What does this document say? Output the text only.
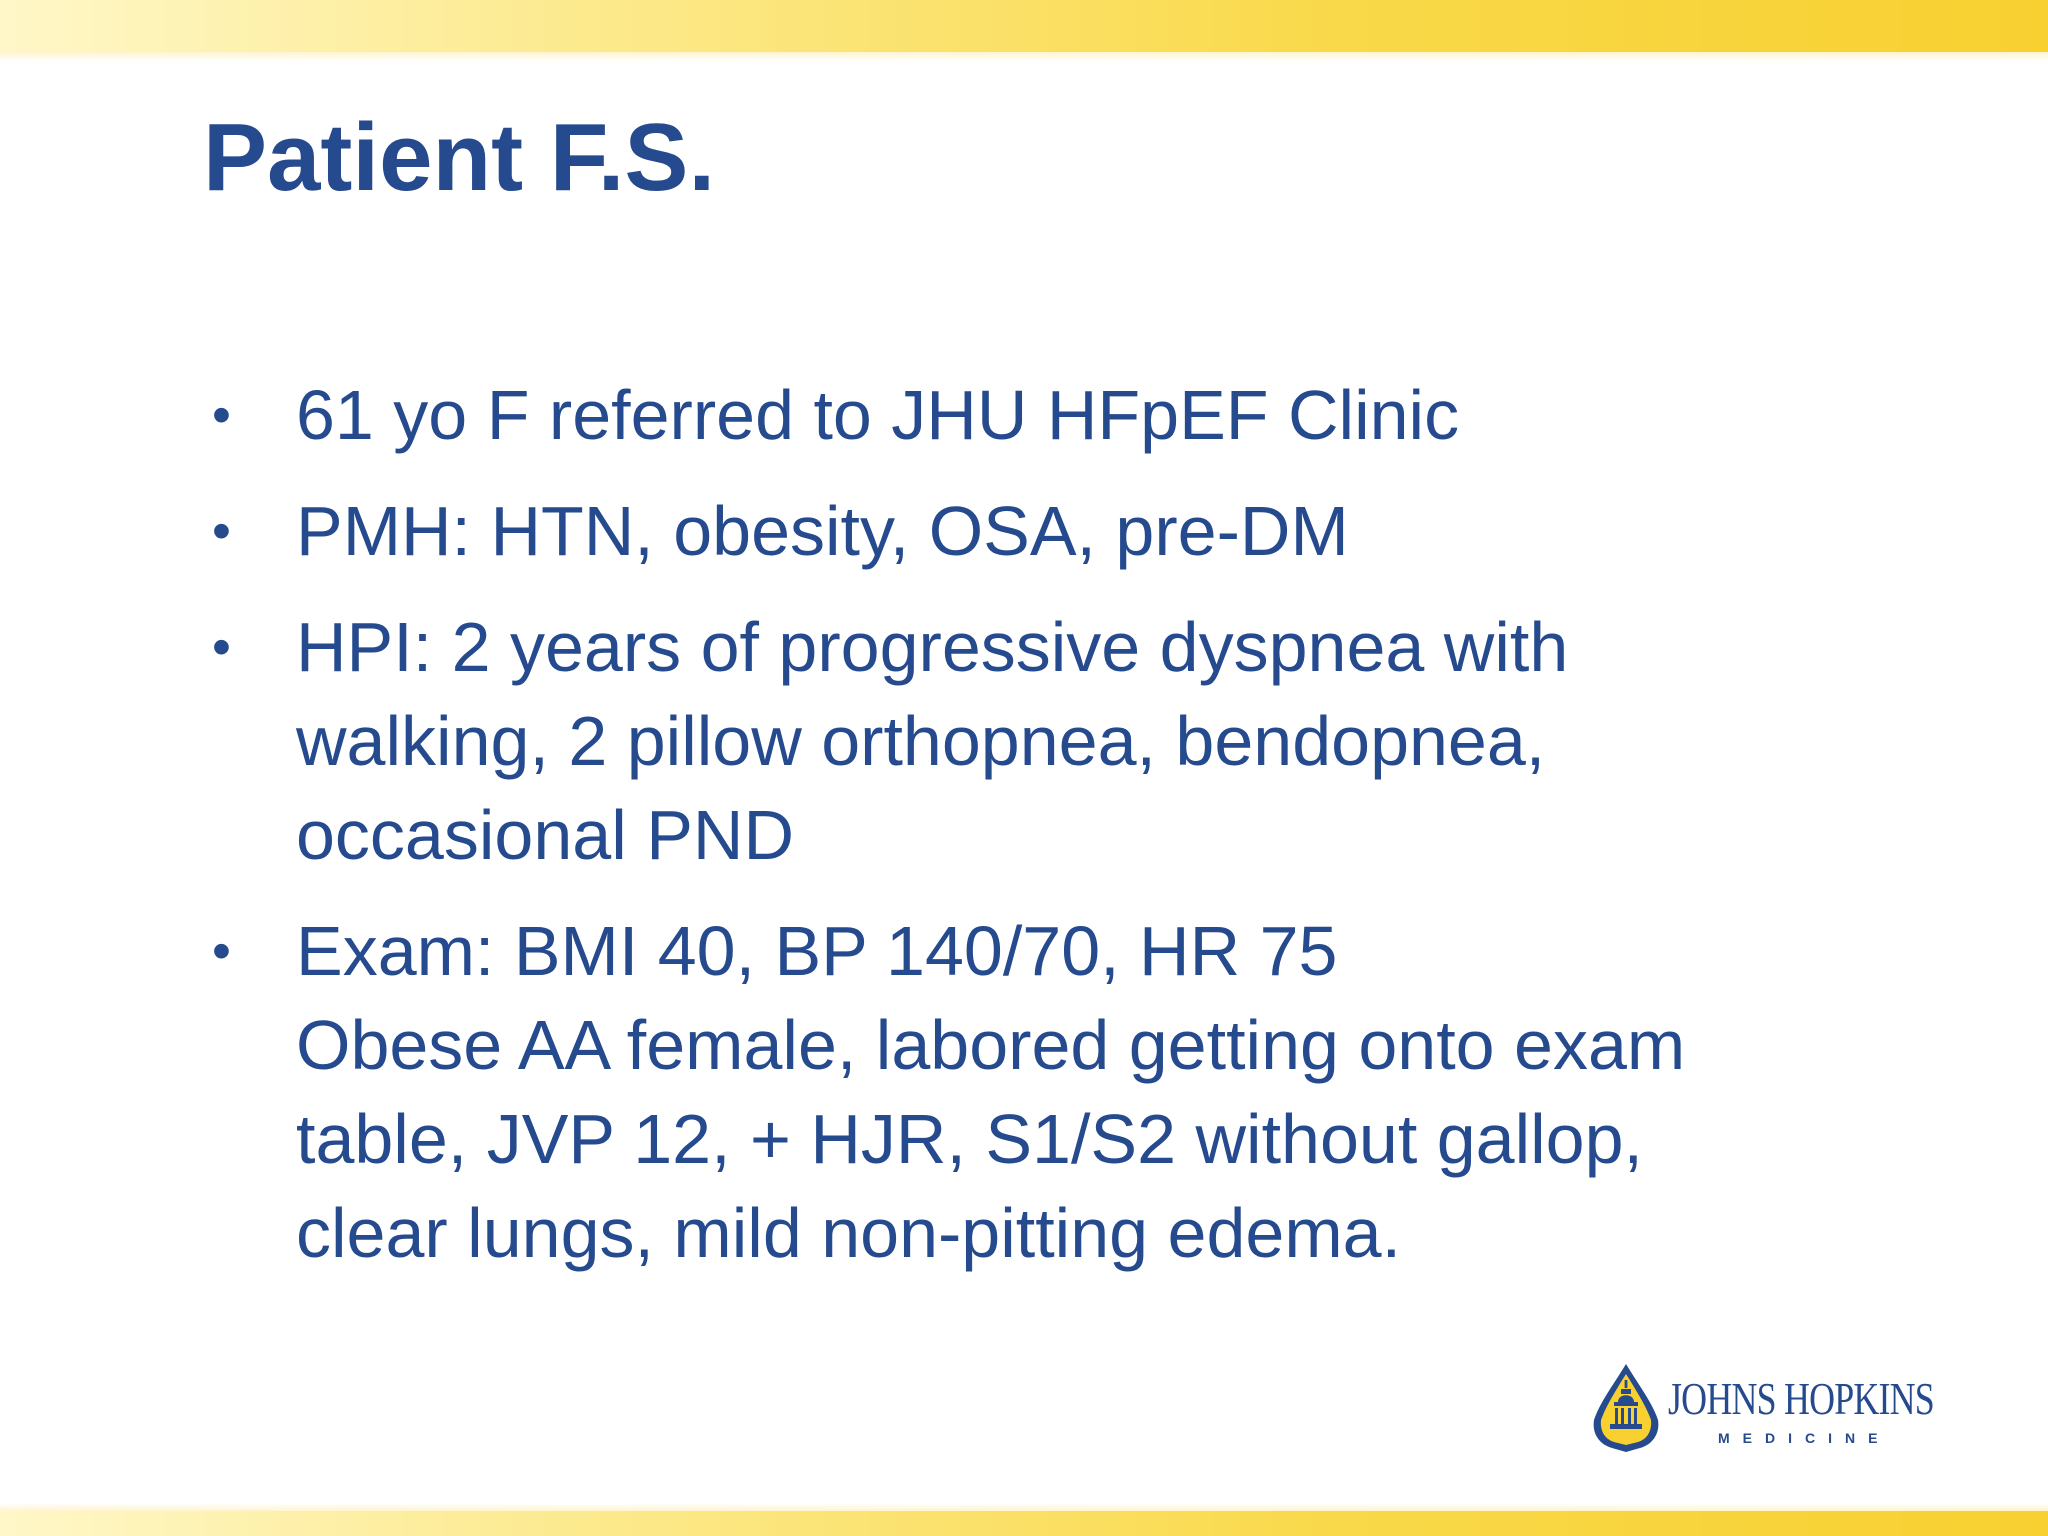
Patient F.S.
• 61 yo F referred to JHU HFpEF Clinic
• PMH: HTN, obesity, OSA, pre-DM
• HPI: 2 years of progressive dyspnea with
walking, 2 pillow orthopnea, bendopnea,
occasional PND
• Exam: BMI 40, BP 140/70, HR 75
Obese AA female, labored getting onto exam
table, JVP 12, + HJR, S1/S2 without gallop,
clear lungs, mild non-pitting edema.
JOHNS HOPKINS
MEDICINE
